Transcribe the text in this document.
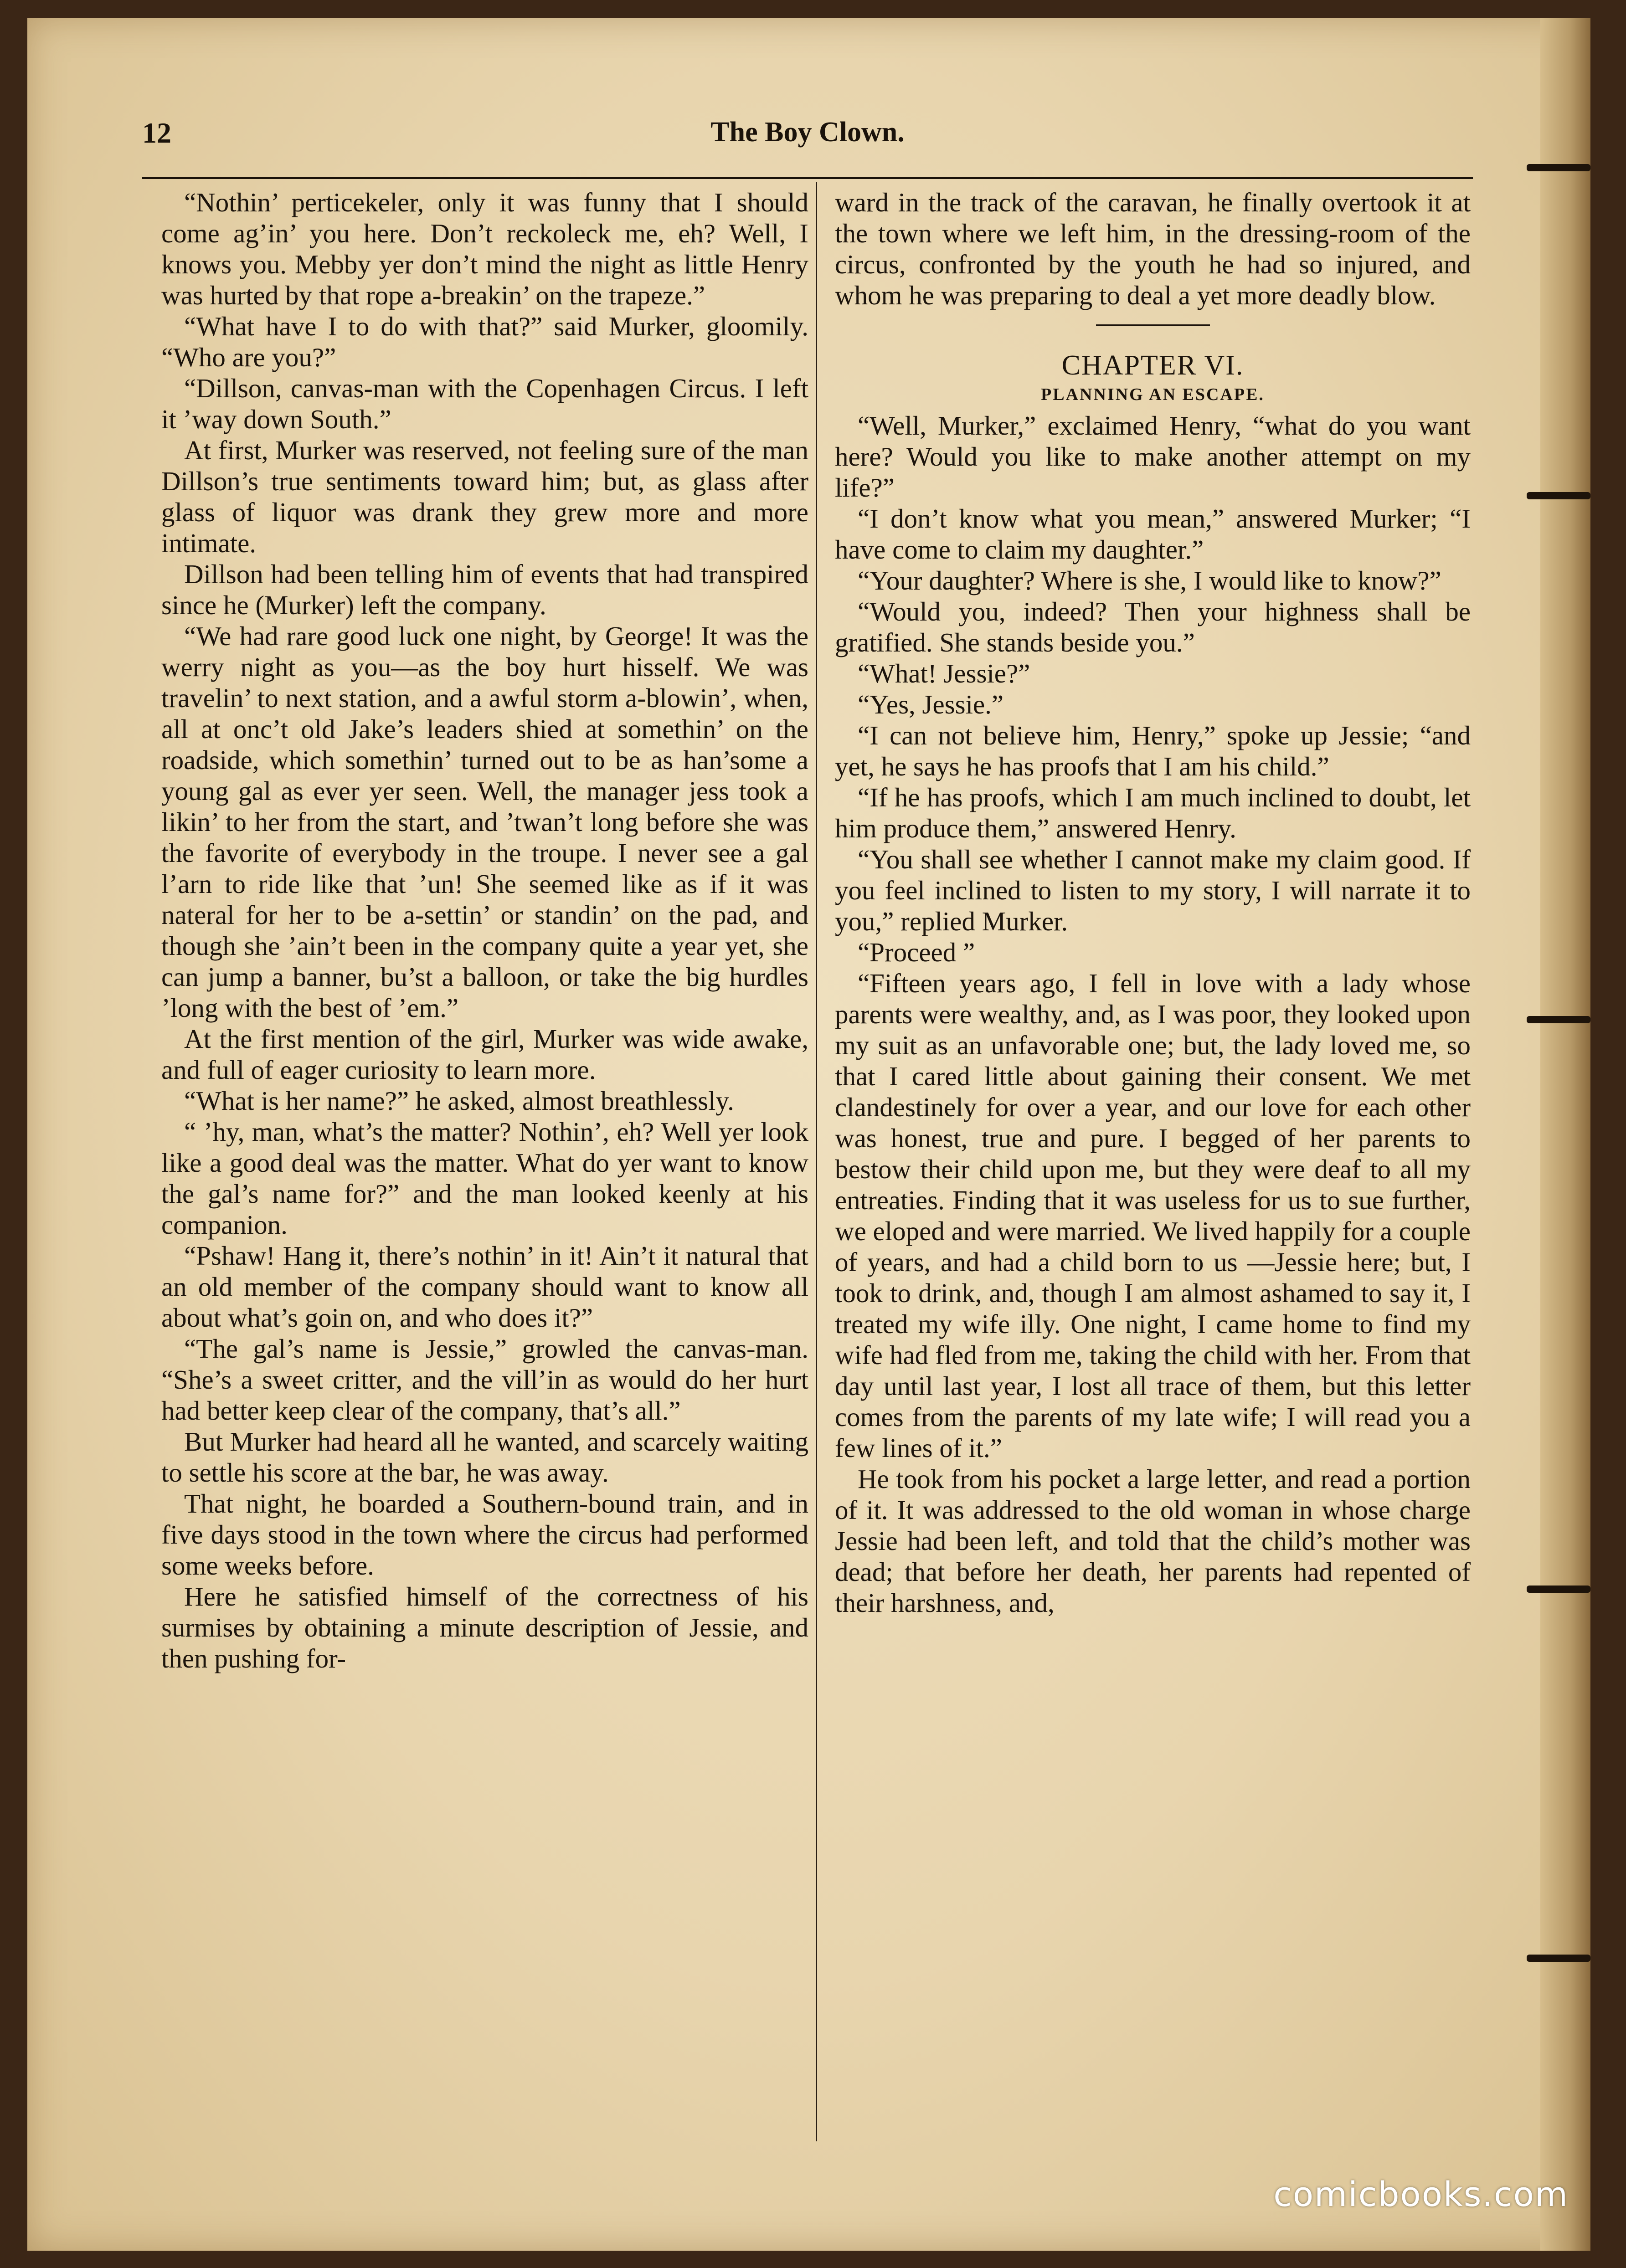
12	The Boy Clown.

“Nothin’ perticekeler, only it was funny that I should come ag’in’ you here. Don’t reckoleck me, eh? Well, I knows you. Mebby yer don’t mind the night as little Henry was hurted by that rope a-breakin’ on the trapeze.”

“What have I to do with that?” said Murker, gloomily. “Who are you?”

“Dillson, canvas-man with the Copenhagen Circus. I left it ’way down South.”

At first, Murker was reserved, not feeling sure of the man Dillson’s true sentiments toward him; but, as glass after glass of liquor was drank they grew more and more intimate.

Dillson had been telling him of events that had transpired since he (Murker) left the company.

“We had rare good luck one night, by George! It was the werry night as you—as the boy hurt hisself. We was travelin’ to next station, and a awful storm a-blowin’, when, all at onc’t old Jake’s leaders shied at somethin’ on the roadside, which somethin’ turned out to be as han’some a young gal as ever yer seen. Well, the manager jess took a likin’ to her from the start, and ’twan’t long before she was the favorite of everybody in the troupe. I never see a gal l’arn to ride like that ’un! She seemed like as if it was nateral for her to be a-settin’ or standin’ on the pad, and though she ’ain’t been in the company quite a year yet, she can jump a banner, bu’st a balloon, or take the big hurdles ’long with the best of ’em.”

At the first mention of the girl, Murker was wide awake, and full of eager curiosity to learn more.

“What is her name?” he asked, almost breathlessly.

“ ’hy, man, what’s the matter? Nothin’, eh? Well yer look like a good deal was the matter. What do yer want to know the gal’s name for?” and the man looked keenly at his companion.

“Pshaw! Hang it, there’s nothin’ in it! Ain’t it natural that an old member of the company should want to know all about what’s goin on, and who does it?”

“The gal’s name is Jessie,” growled the canvas-man. “She’s a sweet critter, and the vill’in as would do her hurt had better keep clear of the company, that’s all.”

But Murker had heard all he wanted, and scarcely waiting to settle his score at the bar, he was away.

That night, he boarded a Southern-bound train, and in five days stood in the town where the circus had performed some weeks before.

Here he satisfied himself of the correctness of his surmises by obtaining a minute description of Jessie, and then pushing for-

ward in the track of the caravan, he finally overtook it at the town where we left him, in the dressing-room of the circus, confronted by the youth he had so injured, and whom he was preparing to deal a yet more deadly blow.

CHAPTER VI.
PLANNING AN ESCAPE.

“Well, Murker,” exclaimed Henry, “what do you want here? Would you like to make another attempt on my life?”

“I don’t know what you mean,” answered Murker; “I have come to claim my daughter.”

“Your daughter? Where is she, I would like to know?”

“Would you, indeed? Then your highness shall be gratified. She stands beside you.”

“What! Jessie?”

“Yes, Jessie.”

“I can not believe him, Henry,” spoke up Jessie; “and yet, he says he has proofs that I am his child.”

“If he has proofs, which I am much inclined to doubt, let him produce them,” answered Henry.

“You shall see whether I cannot make my claim good. If you feel inclined to listen to my story, I will narrate it to you,” replied Murker.

“Proceed ”

“Fifteen years ago, I fell in love with a lady whose parents were wealthy, and, as I was poor, they looked upon my suit as an unfavorable one; but, the lady loved me, so that I cared little about gaining their consent. We met clandestinely for over a year, and our love for each other was honest, true and pure. I begged of her parents to bestow their child upon me, but they were deaf to all my entreaties. Finding that it was useless for us to sue further, we eloped and were married. We lived happily for a couple of years, and had a child born to us —Jessie here; but, I took to drink, and, though I am almost ashamed to say it, I treated my wife illy. One night, I came home to find my wife had fled from me, taking the child with her. From that day until last year, I lost all trace of them, but this letter comes from the parents of my late wife; I will read you a few lines of it.”

He took from his pocket a large letter, and read a portion of it. It was addressed to the old woman in whose charge Jessie had been left, and told that the child’s mother was dead; that before her death, her parents had repented of their harshness, and,

comicbooks.com
